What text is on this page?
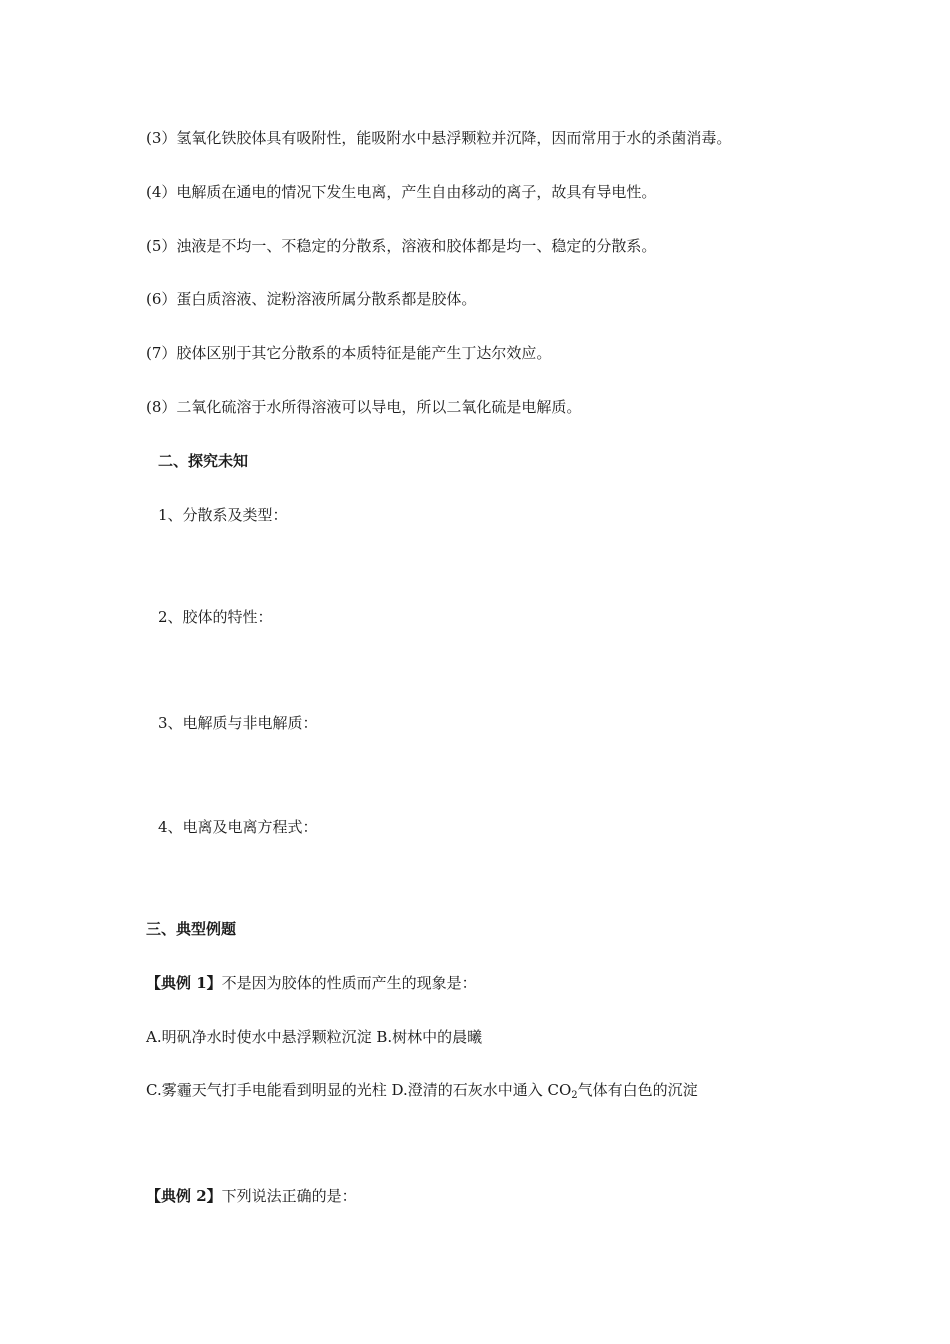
(3）氢氧化铁胶体具有吸附性，能吸附水中悬浮颗粒并沉降，因而常用于水的杀菌消毒。
(4）电解质在通电的情况下发生电离，产生自由移动的离子，故具有导电性。
(5）浊液是不均一、不稳定的分散系，溶液和胶体都是均一、稳定的分散系。
(6）蛋白质溶液、淀粉溶液所属分散系都是胶体。
(7）胶体区别于其它分散系的本质特征是能产生丁达尔效应。
(8）二氧化硫溶于水所得溶液可以导电，所以二氧化硫是电解质。
二、探究未知
1、分散系及类型：
2、胶体的特性：
3、电解质与非电解质：
4、电离及电离方程式：
三、典型例题
【典例 1】不是因为胶体的性质而产生的现象是：
A.明矾净水时使水中悬浮颗粒沉淀 B.树林中的晨曦
C.雾霾天气打手电能看到明显的光柱 D.澄清的石灰水中通入 $CO_2$气体有白色的沉淀
【典例 2】下列说法正确的是：
